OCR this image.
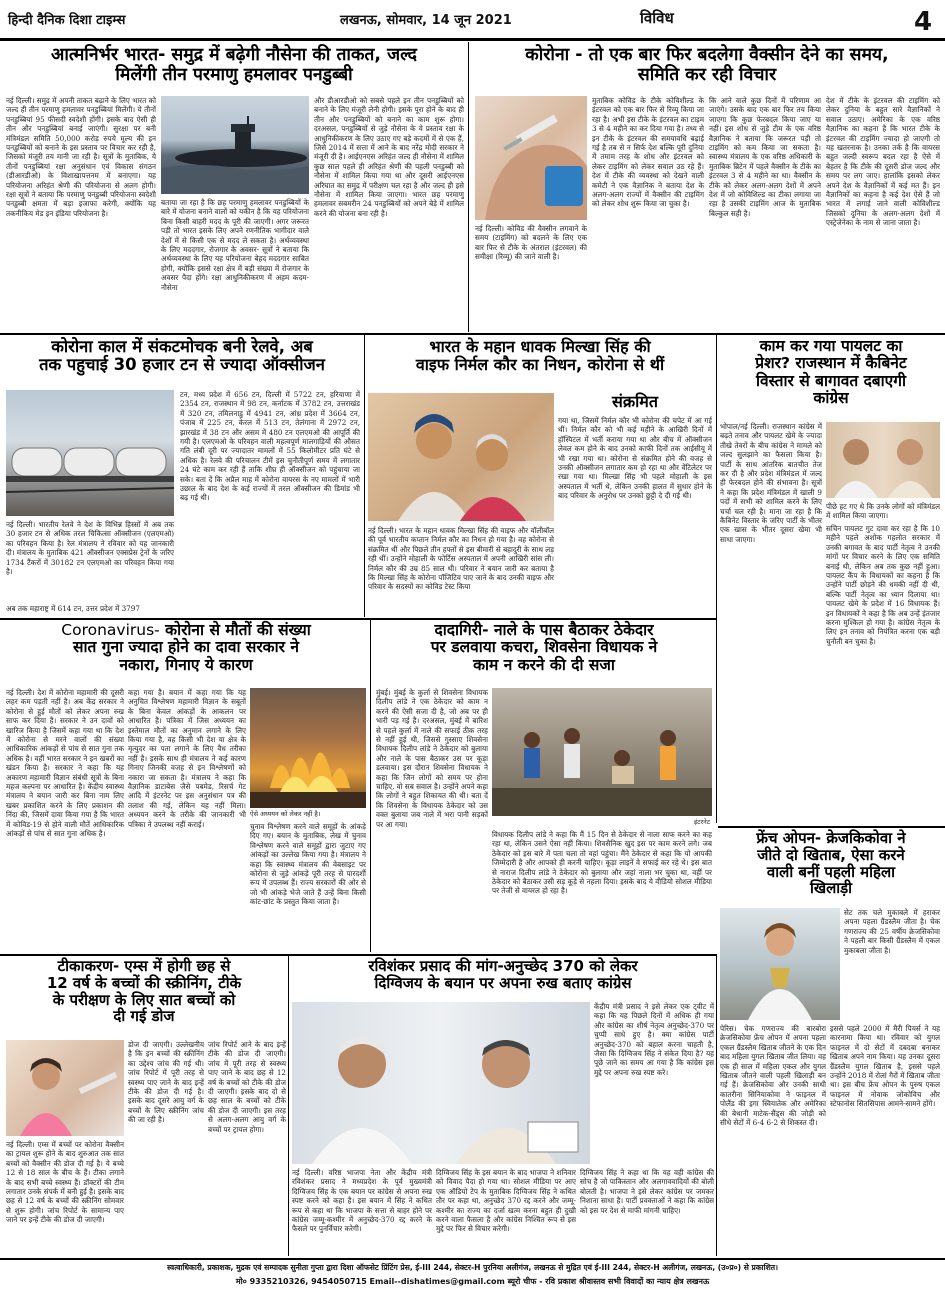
हिन्दी दैनिक दिशा टाइम्स	लखनऊ, सोमवार, 14 जून 2021	विविध	4
आत्मनिर्भर भारत- समुद्र में बढ़ेगी नौसेना की ताकत, जल्द
मिलेंगी तीन परमाणु हमलावर पनडुब्बी
नई दिल्ली। समुद्र में अपनी ताकत बढ़ाने के लिए भारत को जल्द ही तीन परमाणु हमलावर पनडुब्बियां मिलेंगी। ये तीनों पनडुब्बियां 95 फीसदी स्वदेशी होंगी। इसके बाद ऐसी ही तीन और पनडुब्बियां बनाई जाएंगी। सुरक्षा पर बनी मंत्रिमंडल समिति 50,000 करोड़ रुपये मूल्य की इन पनडुब्बियों को बनाने के इस प्रस्ताव पर विचार कर रही है, जिसको मंजूरी तय मानी जा रही है। सूत्रों के मुताबिक, ये तीनों पनडुब्बियां रक्षा अनुसंधान एवं विकास संगठन (डीआरडीओ) के विशाखापत्तनम में बनाएगा। यह परियोजना अरिहंत श्रेणी की परियोजना से अलग होगी। रक्षा सूत्रों ने बताया कि परमाणु पनडुब्बी परियोजना स्वदेशी पनडुब्बी क्षमता में बड़ा इजाफा करेगी, क्योंकि यह तकनीकिय मेड इन इंडिया परियोजना है।
बताया जा रहा है कि छह परमाणु हमलावर पनडुब्बियों के बारे में योजना बनाने वालों को यकीन है कि यह परियोजना बिना किसी बाहरी मदद के पूरी की जाएगी। अगर जरूरत पड़ी तो भारत इसके लिए अपने रणनीतिक भागीदार वाले देशों में से किसी एक से मदद ले सकता है। अर्थव्यवस्था के लिए मददगार, रोजगार के अवसर- सूत्रों ने बताया कि अर्थव्यवस्था के लिए यह परियोजना बेहद मददगार साबित होगी, क्योंकि इससे रक्षा क्षेत्र में बड़ी संख्या में रोजगार के अवसर पैदा होंगे। रक्षा आधुनिकीकरण में अहम कदम- नौसेना
और डीआरडीओ को सबसे पहले इन तीन पनडुब्बियों को बनाने के लिए मंजूरी लेनी होगी। इसके पूरा होने के बाद ही तीन और पनडुब्बियों को बनाने का काम शुरू होगा। दरअसल, पनडुब्बियों से जुड़े नौसेना के ये प्रस्ताव रक्षा के आधुनिकीकरण के लिए उठाए गए बड़े कदमों में से एक हैं, जिसे 2014 में सत्ता में आने के बाद नरेंद्र मोदी सरकार ने मंजूरी दी है। आईएनएस अरिहंत जल्द ही नौसेना में शामिल कुछ साल पहले ही अरिहंत श्रेणी की पहली पनडुब्बी को नौसेना में शामिल किया गया था और दूसरी आईएनएस अरिघात का समुद्र में परीक्षण चल रहा है और जल्द ही इसे नौसेना में शामिल किया जाएगा। भारत छह परमाणु हमलावर सबमरीन 24 पनडुब्बियों को अपने बेड़े में शामिल करने की योजना बना रही है।
कोरोना - तो एक बार फिर बदलेगा वैक्सीन देने का समय,
समिति कर रही विचार
नई दिल्ली। कोविड की वैक्सीन लगवाने के समय (टाइमिंग) को बदलने के लिए एक बार फिर से टीके के अंतराल (इंटरवल) की समीक्षा (रिव्यू) की जाने वाली है।
मुताबिक कोविड के टीके कोविशील्ड के इंटरवल को एक बार फिर से रिव्यू किया जा रहा है। अभी इस टीके के इंटरवल का टाइम 3 से 4 महीने का कर दिया गया है। तथ्य से इन टीके के इंटरवल की समयावधि बढ़ाई गई है तब से न सिर्फ देश बल्कि पूरी दुनिया में तमाम तरह के शोध और इंटरवल को लेकर टाइमिंग को लेकर सवाल उठ रहे हैं। देश में टीके की व्यवस्था को देखने वाली कमेटी ने एक वैज्ञानिक ने बताया देश के अलग-अलग राज्यों में वैक्सीन की टाइमिंग को लेकर शोध शुरू किया जा चुका है।
कि आने वाले कुछ दिनों में परिणाम आ जाएंगे। उसके बाद एक बार फिर तय किया जाएगा कि कुछ फेरबदल किया जाए या नहीं। इस शोध से जुड़े टीम के एक वरिष्ठ वैज्ञानिक ने बताया कि जरूरत पड़ी तो टाइमिंग को कम किया जा सकता है। स्वास्थ्य मंत्रालय के एक वरिष्ठ अधिकारी के मुताबिक ब्रिटेन में पहले वैक्सीन के टीके का इंटरवल 3 से 4 महीने का था। वैक्सीन के टीके को लेकर अलग-अलग देशों में अपने देश में जो कोविशिल्ड का टीका लगाया जा रहा है उसकी टाइमिंग आज के मुताबिक बिल्कुल सही है।
देश में टीके के इंटरवल की टाइमिंग को लेकर दुनिया के बहुत सारे वैज्ञानिकों ने सवाल उठाए। अमेरिका के एक वरिष्ठ वैज्ञानिक का कहना है कि भारत टीके के इंटरवल की टाइमिंग ज्यादा हो जाएगी तो यह खतरनाक है। उनका तर्क है कि वायरस बहुत जल्दी स्वरूप बदल रहा है ऐसे में बेहतर है कि टीके की दूसरी डोज जल्द और समय पर लग जाए। हालांकि इसको लेकर अपने देश के वैज्ञानिकों में कई मत हैं। इन वैज्ञानिकों का कहना है कई देश ऐसे हैं जो भारत में लगाई जाने वाली कोविशील्ड जिसको दुनिया के अलग-अलग देशों में एस्ट्रेजेनेका के नाम से जाना जाता है।
कोरोना काल में संकटमोचक बनी रेलवे, अब
तक पहुचाई 30 हजार टन से ज्यादा ऑक्सीजन
नई दिल्ली। भारतीय रेलवे ने देश के विभिन्न हिस्सों में अब तक 30 हजार टन से अधिक तरल चिकित्सा ऑक्सीजन (एलएमओ) का परिवहन किया है। रेल मंत्रालय ने रविवार को यह जानकारी दी। मंत्रालय के मुताबिक 421 ऑक्सीजन एक्सप्रेस ट्रेनों के जरिए 1734 टैंकरों में 30182 टन एलएमओ का परिवहन किया गया है।
टन, मध्य प्रदेश में 656 टन, दिल्ली में 5722 टन, हरियाणा में 2354 टन, राजस्थान में 98 टन, कर्नाटक में 3782 टन, उत्तराखंड में 320 टन, तमिलनाडु में 4941 टन, आंध्र प्रदेश में 3664 टन, पंजाब में 225 टन, केरल में 513 टन, तेलंगाना में 2972 टन, झारखंड में 38 टन और असम में 480 टन एलएमओ की आपूर्ति की गयी है। एलएमओ के परिवहन वाली महत्वपूर्ण मालगाड़ियों की औसत गति लंबी दूरी पर ज्यादातर मामलों में 55 किलोमीटर प्रति घंटे से अधिक है। रेलवे की परिचालन टीमें इस चुनौतीपूर्ण समय में लगातार 24 घंटे काम कर रही हैं ताकि शीघ्र ही ऑक्सीजन को पहुंचाया जा सके। बता दें कि अप्रैल माह में कोरोना वायरस के नए मामलों में भारी उछाल के बाद देश के कई राज्यों में तरल ऑक्सीजन की डिमांड भी बढ़ गई थी।
अब तक महाराष्ट्र में 614 टन, उत्तर प्रदेश में 3797
भारत के महान धावक मिल्खा सिंह की
वाइफ निर्मल कौर का निधन, कोरोना से थीं
संक्रमित
गया था, जिसमें निर्मल कौर भी कोरोना की चपेट में आ गई थीं। निर्मल कौर को भी कई महीने के आखिरी दिनों में हॉस्पिटल में भर्ती कराया गया था और बीच में ऑक्सीजन लेवल कम होने के बाद उनको काफी दिनों तक आईसीयू में भी रखा गया था। कोरोना से संक्रमित होने की वजह से उनकी ऑक्सीजन लगातार कम हो रहा था और वेंटिलेटर पर रखा गया था। मिल्खा सिंह भी पहले मोहाली के इस अस्पताल में भर्ती थे, लेकिन उनकी हालत में सुधार होने के बाद परिवार के अनुरोध पर उनको छुट्टी दे दी गई थी।
नई दिल्ली। भारत के महान धावक मिल्खा सिंह की वाइफ और वॉलीबॉल की पूर्व भारतीय कप्तान निर्मल कौर का निधन हो गया है। वह कोरोना से संक्रमित थीं और पिछले तीन हफ्तों से इस बीमारी से बहादुरी के साथ लड़ रही थीं। उन्होंने मोहाली के फोर्टिस अस्पताल में अपनी आखिरी सांस ली। निर्मल कौर की उम्र 85 साल थी। परिवार ने बयान जारी कर बताया है कि मिल्खा सिंह के कोरोना पॉजिटिव पाए जाने के बाद उनकी वाइफ और परिवार के सदस्यों का कोविड टेस्ट किया
काम कर गया पायलट का
प्रेशर? राजस्थान में कैबिनेट
विस्तार से बागावत दबाएगी
कांग्रेस
भोपाल/नई दिल्ली। राजस्थान कांग्रेस में बढ़ते तनाव और पायलट खेमे के ज्यादा तीखे तेवरों के बीच कांग्रेस ने मामले को जल्द सुलझाने का फैसला किया है। पार्टी के साथ आंतरिक बातचीत तेज कर दी है और प्रदेश मंत्रिमंडल में जल्द ही फेरबदल होने की संभावना है। सूत्रों ने कहा कि प्रदेश मंत्रिमंडल में खाली 9 पदों में सभी को शामिल करने के लिए चर्चा चल रही है। माना जा रहा है कि कैबिनेट विस्तार के जरिए पार्टी के भीतर एक खास के भीतर दूसरा खेमा भी साधा जाएगा।
पीछे हट गए थे कि उनके लोगों को मंत्रिमंडल में शामिल किया जाएगा।
सचिन पायलट गुट दावा कर रहा है कि 10 महीने पहले अशोक गहलोत सरकार में उनकी बगावत के बाद पार्टी नेतृत्व ने उनकी मांगों पर विचार करने के लिए एक समिति बनाई थी, लेकिन अब तक कुछ नहीं हुआ। पायलट कैंप के विधायकों का कहना है कि उन्होंने पार्टी छोड़ने की धमकी नहीं दी थी, बल्कि पार्टी नेतृत्व का ध्यान दिलाया था। पायलट खेमे के प्रदेश में 16 विधायक हैं। इन विधायकों ने कहा है कि अब उन्हें इंतजार करना मुश्किल हो गया है। कांग्रेस नेतृत्व के लिए इन तनाव को नियंत्रित करना एक बड़ी चुनौती बन चुका है।
Coronavirus- कोरोना से मौतों की संख्या
सात गुना ज्यादा होने का दावा सरकार ने
नकारा, गिनाए ये कारण
नई दिल्ली। देश में कोरोना महामारी की दूसरी लहर कम पड़ती नहीं है। अब केंद्र सरकार ने कोरोना से हुई मौतों को लेकर अपना रुख साफ कर दिया है। सरकार ने उन दावों को खारिज किया है जिसमें कहा गया था कि देश में कोरोना से मरने वालों की संख्या आधिकारिक आंकड़ों से पांच से सात गुना तक अधिक है। वहीं भारत सरकार ने इन खबरों का खंडन किया है। सरकार ने कहा कि यह अकारण महामारी विज्ञान संबंधी सूत्रों के बिना महज कल्पना पर आधारित है। केंद्रीय स्वास्थ्य मंत्रालय ने बयान जारी कर बिना नाम लिए खबर प्रकाशित करने के लिए प्रकाशन की निंदा की, जिसमें दावा किया गया है कि भारत में कोविड-19 से होने वाली मौतें आधिकारिक आंकड़ों से पांच से सात गुना अधिक है।
कहा गया है। बयान में कहा गया कि यह अनुचित विश्लेषण महामारी विज्ञान के सबूतों के बिना केवल आंकड़ों के आकलन पर आधारित है। पत्रिका में जिस अध्ययन का इस्तेमाल मौतों का अनुमान लगाने के लिए किया गया है, वह किसी भी देश या क्षेत्र के मृत्युदर का पता लगाने के लिए वैध तरीका नहीं है। इसके साथ ही मंत्रालय ने कई कारण गिनाए जिनकी वजह से इन विश्लेषणों को नकारा जा सकता है। मंत्रालय ने कहा कि वैज्ञानिक डाटाबेस जैसे पबमेड, रिसर्च गेट आदि में इंटरनेट पर इस अनुसंधान पत्र की तलाश की गई, लेकिन यह नहीं मिला। अध्ययन करने के तरीके की जानकारी भी पत्रिका ने उपलब्ध नहीं कराई।
ऐसे अध्ययन को लेकर नहीं है।
चुनाव विश्लेषण करने वाले समूहों के आंकड़े दिए गए। बयान के मुताबिक, लेख में चुनाव विश्लेषण करने वाले समूहों द्वारा जुटाए गए आंकड़ों का उल्लेख किया गया है। मंत्रालय ने कहा कि स्वास्थ्य मंत्रालय की वेबसाइट पर कोरोना से जुड़े आंकड़े पूरी तरह से पारदर्शी रूप में उपलब्ध हैं। राज्य सरकारों की ओर से जो भी आंकड़े भेजे जाते हैं उन्हें बिना किसी कांट-छांट के प्रस्तुत किया जाता है।
दादागिरी- नाले के पास बैठाकर ठेकेदार
पर डलवाया कचरा, शिवसेना विधायक ने
काम न करने की दी सजा
मुंबई। मुंबई के कुर्ला से शिवसेना विधायक दिलीप लांडे ने एक ठेकेदार को काम न करने की ऐसी सजा दी है, जो अब पर ही भारी पड़ गई है। दरअसल, मुंबई में बारिश से पहले कुर्ला में नाले की सफाई ठीक तरह से नहीं हुई थी, जिससे गुस्साए शिवसेना विधायक दिलीप लांडे ने ठेकेदार को बुलाया और नाले के पास बैठाकर उस पर कूड़ा डलवाया। इस दौरान शिवसेना विधायक ने कहा कि जिन लोगों को समय पर होना चाहिए, वो सब सवाल है। उन्होंने अपने कहा कि लोगों ने बहुत शिकायत की थी। बता दें कि शिवसेना के विधायक ठेकेदार को उस वक्त बुलाया जब नाले में भरा पानी सड़कों पर आ गया।	इंटरनेट
विधायक दिलीप लांडे ने कहा कि मैं 15 दिन से ठेकेदार से नाला साफ करने का कह रहा था, लेकिन उसने ऐसा नहीं किया। शिवसैनिक खुद इस पर काम करने लगे। जब ठेकेदार को इस बारे में पता चला तो वहां पहुंचा। मैंने ठेकेदार से कहा कि यो आपकी जिम्मेदारी है और आपको ही करनी चाहिए। कूड़ा लाइनें वे सफाई कर रहे थे। इस बात से नाराज दिलीप लांडे ने ठेकेदार को बुलाया और जहां नाला भर चुका था, वहीं पर ठेकेदार को बैठाकर उसी सड़ कूड़े से नहला दिया। इसके बाद ये वीडियो सोशल मीडिया पर तेजी से वायरल हो रहा है।
फ्रेंच ओपन- क्रेजकिकोवा ने
जीते दो खिताब, ऐसा करने
वाली बनीं पहली महिला
खिलाड़ी
सेट तक चले मुकाबले में हराकर अपना पहला ग्रैंडस्लैम जीता है। चेक गणराज्य की 25 वर्षीय क्रेजसिकोवा ने पहली बार किसी ग्रैंडस्लैम में एकल मुकाबला जीता है।
पेरिस। चेक गणराज्य की बारबोरा क्रेजसिकोवा फ्रेंच ओपन में अपना पहला एकल ग्रैंडस्लैम खिताब जीतने के एक दिन बाद महिला युगल खिताब जीत लिया। वह एक ही साल में महिला एकल और युगल खिताब जीतने वाली पहली खिलाड़ी बन गई हैं। क्रेजसिकोवा और उनकी साथी कातरीना सिनियाकोवा ने फाइनल में पोलैंड की इगा स्वियातेक और अमेरिका की बेथानी माटेक-सैंड्स की जोड़ी को सीधे सेटों में 6-4 6-2 से शिकस्त दी।
इससे पहले 2000 में मैरी पियर्स ने यह कारनामा किया था। रविवार को युगल फाइनल में दो सेटों में दबदबा बनाकर खिताब अपने नाम किया। यह उनका दूसरा ग्रैंडस्लैम युगल खिताब है, इससे पहले उन्होंने 2018 में रोलां गैरों में खिताब जीता था। इस बीच फ्रेंच ओपन के पुरुष एकल फाइनल में नोवाक जोकोविच और स्टेफानोस सितसिपास आमने-सामने होंगे।
टीकाकरण- एम्स में होगी छह से
12 वर्ष के बच्चों की स्क्रीनिंग, टीके
के परीक्षण के लिए सात बच्चों को
दी गई डोज
डोज दी जाएगी। उल्लेखनीय है कि इन बच्चों की स्क्रीनिंग का उद्देश्य जांच की गई थी। जांच रिपोर्ट में पूरी तरह से स्वस्थ्य पाए जाने के बाद इन्हें टीके की डोज दी गई है। इसके बाद दूसरे आयु वर्ग के बच्चों के लिए स्क्रीनिंग जांच की जा रही है।
नई दिल्ली। एम्स में बच्चों पर कोरोना वैक्सीन का ट्रायल शुरू होने के बाद शुरुआत तक सात बच्चों को वैक्सीन की डोज दी गई है। ये बच्चे 12 से 18 साल के बीच के हैं। टीका लगाने के बाद सभी बच्चे स्वस्थ्य हैं। डॉक्टरों की टीम लगातार उनके संपर्क में बनी हुई है। इसके बाद छह से 12 वर्ष के बच्चों की स्क्रीनिंग सोमवार से शुरू होगी। जांच रिपोर्ट के सामान्य पाए जाने पर इन्हें टीके की डोज दी जाएगी।
जांच रिपोर्ट आने के बाद इन्हें टीके की डोज दी जाएगी। जांच में पूरी तरह से स्वस्थ्य पाए जाने के बाद छह से 12 वर्ष के बच्चों को टीके की डोज दी जाएगी। इसके बाद दो से छह साल के बच्चों को टीके की डोज दी जाएगी। इस तरह से अलग-अलग आयु वर्ग के बच्चों पर ट्रायल होगा।
रविशंकर प्रसाद की मांग-अनुच्छेद 370 को लेकर
दिग्विजय के बयान पर अपना रुख बताए कांग्रेस
केंद्रीय मंत्री प्रसाद ने इसे लेकर एक ट्वीट में कहा कि यह पिछले दिनों में अधिक ही गया और कांग्रेस का शीर्ष नेतृत्व अनुच्छेद-370 पर चुप्पी साधे हुए है। क्या कांग्रेस पार्टी अनुच्छेद-370 को बहाल करना चाहती है, जैसा कि दिग्विजय सिंह ने संकेत दिया है? यह पूछे जाने का समय आ गया है कि कांग्रेस इस मुद्दे पर अपना रुख स्पष्ट करे।
नई दिल्ली। वरिष्ठ भाजपा नेता और केंद्रीय मंत्री रविशंकर प्रसाद ने मध्यप्रदेश के पूर्व मुख्यमंत्री दिग्विजय सिंह के एक बयान पर कांग्रेस से अपना रुख स्पष्ट करने को कहा है। इस बयान में सिंह ने कथित रूप से कहा था कि भाजपा के सत्ता से बाहर होने पर कांग्रेस जम्मू-कश्मीर में अनुच्छेद-370 रद्द करने के फैसले पर पुनर्विचार करेगी।
दिग्विजय सिंह के इस बयान के बाद भाजपा ने शनिवार को विवाद पैदा हो गया था। सोशल मीडिया पर आए एक ऑडियो टेप के मुताबिक दिग्विजय सिंह ने कथित तौर पर कहा था, अनुच्छेद 370 रद्द करने और जम्मू-कश्मीर का राज्य का दर्जा खत्म करना बहुत ही दुखी करने वाला फैसला है और कांग्रेस निश्चित रूप से इस मुद्दे पर फिर से विचार करेगी।
दिग्विजय सिंह ने कहा था कि यह वही कांग्रेस की सोच है जो पाकिस्तान और अलगाववादियों की बोली बोलती है। भाजपा ने इसे लेकर कांग्रेस पर जमकर निशाना साधा है। पार्टी प्रवक्ताओं ने कहा कि कांग्रेस को इस पर देश से माफी मांगनी चाहिए।
स्वत्वाधिकारी, प्रकाशक, मुद्रक एवं सम्पादक सुनीता गुप्ता द्वारा दिशा ऑफसेट प्रिंटिंग प्रेस, ई-III 244, सेक्टर-H पुरनिया अलीगंज, लखनऊ से मुद्रित एवं ई-III 244, सेक्टर-H अलीगंज, लखनऊ, (उ०प्र०) से प्रकाशित।
मो० 9335210326, 9454050715 Email--dishatimes@gmail.com ब्यूरो चीफ - रवि प्रकाश श्रीवास्तव सभी विवादों का न्याय क्षेत्र लखनऊ
